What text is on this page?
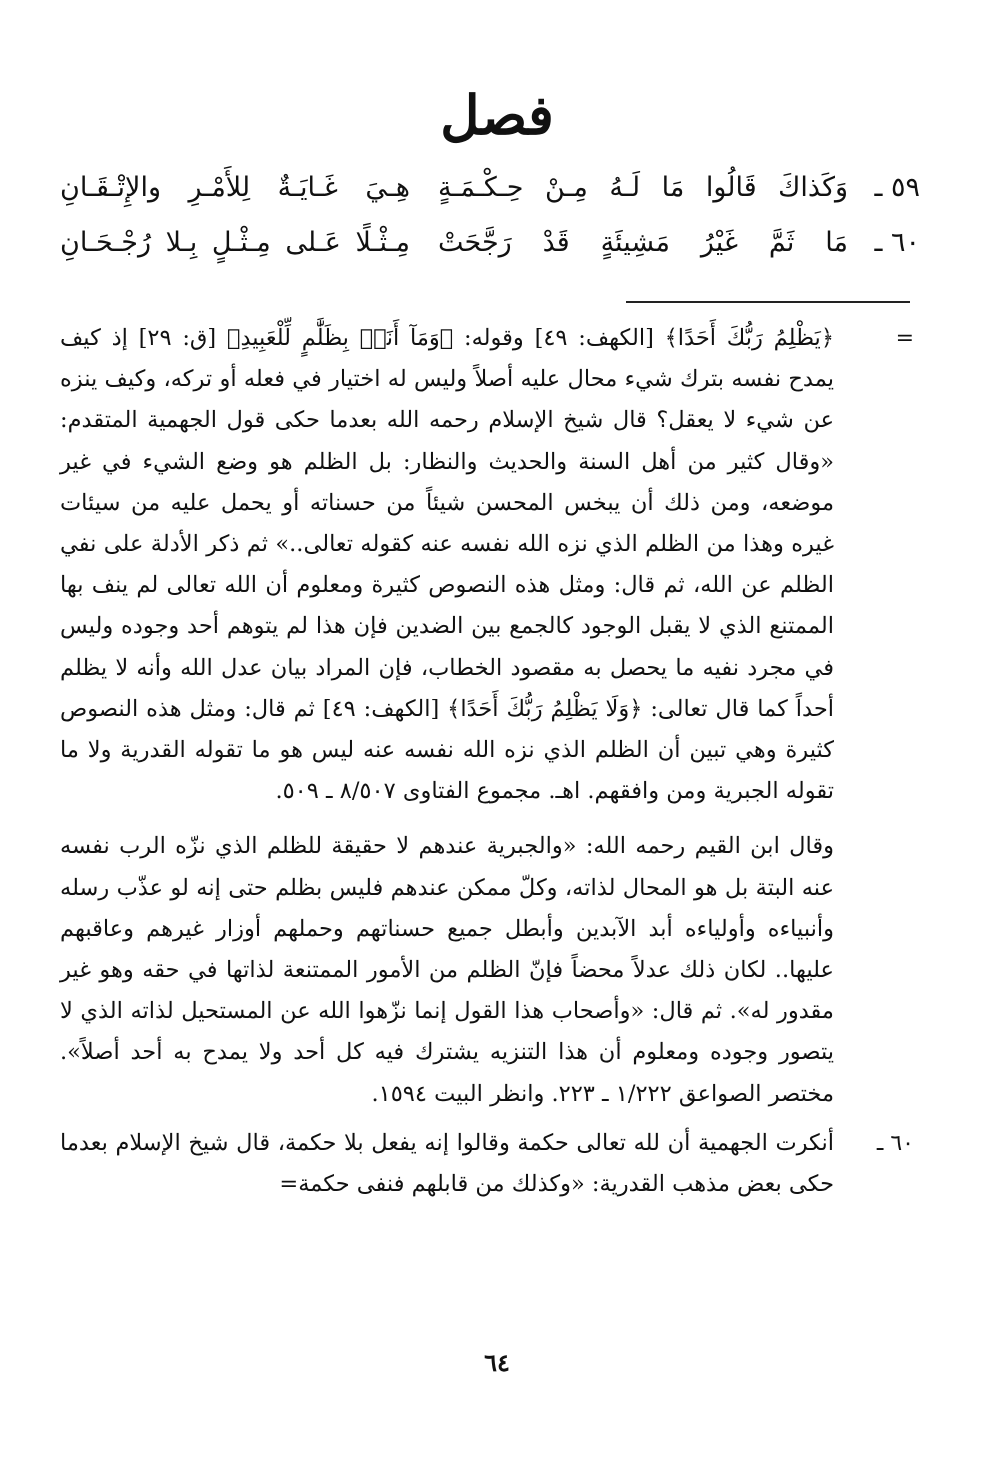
فصل
٥٩ ـ
وَكَذاكَ قَالُوا مَا لَـهُ مِـنْ حِـكْـمَـةٍ
هِـيَ غَـايَـةٌ لِلأَمْـرِ والإِتْـقَـانِ
٦٠ ـ
مَا ثَمَّ غَيْرُ مَشِيئَةٍ قَدْ رَجَّحَتْ
مِـثْـلًا عَـلى مِـثْـلٍ بِـلا رُجْـحَـانِ

=
﴿يَظْلِمُ رَبُّكَ أَحَدًا﴾ [الكهف: ٤٩] وقوله: ﴿وَمَآ أَنَا۠ بِظَلَّٰمٍ لِّلْعَبِيدِ﴾ [ق: ٢٩] إذ كيف يمدح نفسه بترك شيء محال عليه أصلاً وليس له اختيار في فعله أو تركه، وكيف ينزه عن شيء لا يعقل؟ قال شيخ الإسلام رحمه الله بعدما حكى قول الجهمية المتقدم: «وقال كثير من أهل السنة والحديث والنظار: بل الظلم هو وضع الشيء في غير موضعه، ومن ذلك أن يبخس المحسن شيئاً من حسناته أو يحمل عليه من سيئات غيره وهذا من الظلم الذي نزه الله نفسه عنه كقوله تعالى..» ثم ذكر الأدلة على نفي الظلم عن الله، ثم قال: ومثل هذه النصوص كثيرة ومعلوم أن الله تعالى لم ينف بها الممتنع الذي لا يقبل الوجود كالجمع بين الضدين فإن هذا لم يتوهم أحد وجوده وليس في مجرد نفيه ما يحصل به مقصود الخطاب، فإن المراد بيان عدل الله وأنه لا يظلم أحداً كما قال تعالى: ﴿وَلَا يَظْلِمُ رَبُّكَ أَحَدًا﴾ [الكهف: ٤٩] ثم قال: ومثل هذه النصوص كثيرة وهي تبين أن الظلم الذي نزه الله نفسه عنه ليس هو ما تقوله القدرية ولا ما تقوله الجبرية ومن وافقهم. اهـ. مجموع الفتاوى ٨/٥٠٧ ـ ٥٠٩.

وقال ابن القيم رحمه الله: «والجبرية عندهم لا حقيقة للظلم الذي نزّه الرب نفسه عنه البتة بل هو المحال لذاته، وكلّ ممكن عندهم فليس بظلم حتى إنه لو عذّب رسله وأنبياءه وأولياءه أبد الآبدين وأبطل جميع حسناتهم وحملهم أوزار غيرهم وعاقبهم عليها.. لكان ذلك عدلاً محضاً فإنّ الظلم من الأمور الممتنعة لذاتها في حقه وهو غير مقدور له». ثم قال: «وأصحاب هذا القول إنما نزّهوا الله عن المستحيل لذاته الذي لا يتصور وجوده ومعلوم أن هذا التنزيه يشترك فيه كل أحد ولا يمدح به أحد أصلاً». مختصر الصواعق ١/٢٢٢ ـ ٢٢٣. وانظر البيت ١٥٩٤.

٦٠ ـ
أنكرت الجهمية أن لله تعالى حكمة وقالوا إنه يفعل بلا حكمة، قال شيخ الإسلام بعدما حكى بعض مذهب القدرية: «وكذلك من قابلهم فنفى حكمة=

٦٤
